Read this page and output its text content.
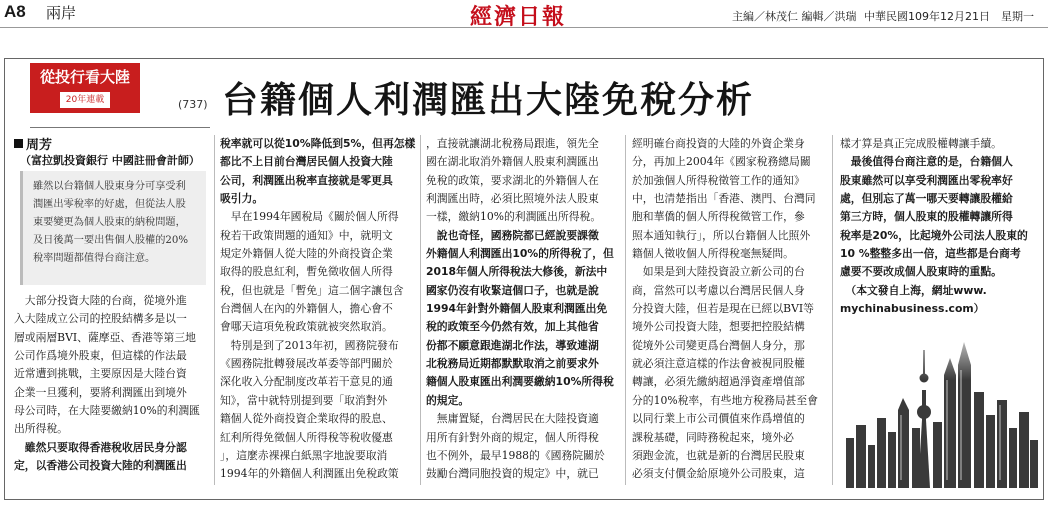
A8 兩岸	經濟日報	主編／林茂仁 編輯／洪瑞 中華民國109年12月21日　星期一
從投行看大陸
20年連載	(737) 台籍個人利潤匯出大陸免稅分析
周芳
（富拉凱投資銀行 中國註冊會計師）

雖然以台籍個人股東身分可享受利

潤匯出零稅率的好處，但從法人股

東要變更為個人股東的納稅問題，

及日後萬一要出售個人股權的20%

稅率問題都值得台商注意。

　大部分投資大陸的台商，從境外進

入大陸成立公司的控股結構多是以一

層或兩層BVI、薩摩亞、香港等第三地

公司作爲境外股東，但這樣的作法最

近常遭到挑戰，主要原因是大陸台資

企業一旦獲利，要將利潤匯出到境外

母公司時，在大陸要繳納10%的利潤匯

出所得稅。

　雖然只要取得香港稅收居民身分認

定，以香港公司投資大陸的利潤匯出

稅率就可以從10%降低到5%，但再怎樣

都比不上目前台灣居民個人投資大陸

公司，利潤匯出稅率直接就是零更具

吸引力。

　早在1994年國稅局《關於個人所得

稅若干政策問題的通知》中，就明文

規定外籍個人從大陸的外商投資企業

取得的股息紅利，暫免徵收個人所得

稅，但也就是「暫免」這二個字讓包含

台灣個人在內的外籍個人，擔心會不

會哪天這項免稅政策就被突然取消。

　特別是到了2013年初，國務院發布

《國務院批轉發展改革委等部門關於

深化收入分配制度改革若干意見的通

知》，當中就特別提到要「取消對外

籍個人從外商投資企業取得的股息、

紅利所得免徵個人所得稅等稅收優惠

」，這麼赤裸裸白紙黑字地說要取消

1994年的外籍個人利潤匯出免稅政策

，直接就讓湖北稅務局跟進，領先全

國在湖北取消外籍個人股東利潤匯出

免稅的政策，要求湖北的外籍個人在

利潤匯出時，必須比照境外法人股東

一樣，繳納10%的利潤匯出所得稅。

　說也奇怪，國務院都已經說要課徵

外籍個人利潤匯出10%的所得稅了，但

2018年個人所得稅法大修後，新法中

國家仍沒有收緊這個口子，也就是說

1994年針對外籍個人股東利潤匯出免

稅的政策至今仍然有效，加上其他省

份都不願意跟進湖北作法，導致連湖

北稅務局近期都默默取消之前要求外

籍個人股東匯出利潤要繳納10%所得稅

的規定。

　無庸置疑，台灣居民在大陸投資適

用所有針對外商的規定，個人所得稅

也不例外，最早1988的《國務院關於

鼓勵台灣同胞投資的規定》中，就已

經明確台商投資的大陸的外資企業身

分，再加上2004年《國家稅務總局關

於加強個人所得稅徵管工作的通知》

中，也清楚指出「香港、澳門、台灣同

胞和華僑的個人所得稅徵管工作，參

照本通知執行」，所以台籍個人比照外

籍個人徵收個人所得稅毫無疑問。

　如果是到大陸投資設立新公司的台

商，當然可以考慮以台灣居民個人身

分投資大陸，但若是現在已經以BVI等

境外公司投資大陸，想要把控股結構

從境外公司變更爲台灣個人身分，那

就必須注意這樣的作法會被視同股權

轉讓，必須先繳納超過淨資產增值部

分的10%稅率，有些地方稅務局甚至會

以同行業上市公司價值來作爲增值的

課稅基礎，同時務稅起來，境外必

須跑金流，也就是新的台灣居民股東

必須支付價金給原境外公司股東，這

樣才算是真正完成股權轉讓手續。

　最後值得台商注意的是，台籍個人

股東雖然可以享受利潤匯出零稅率好

處，但別忘了萬一哪天要轉讓股權給

第三方時，個人股東的股權轉讓所得

稅率是20%，比起境外公司法人股東的

10 %整整多出一倍，這些都是台商考

慮要不要改成個人股東時的重點。

　（本文發自上海，網址www.

mychinabusiness.com）
